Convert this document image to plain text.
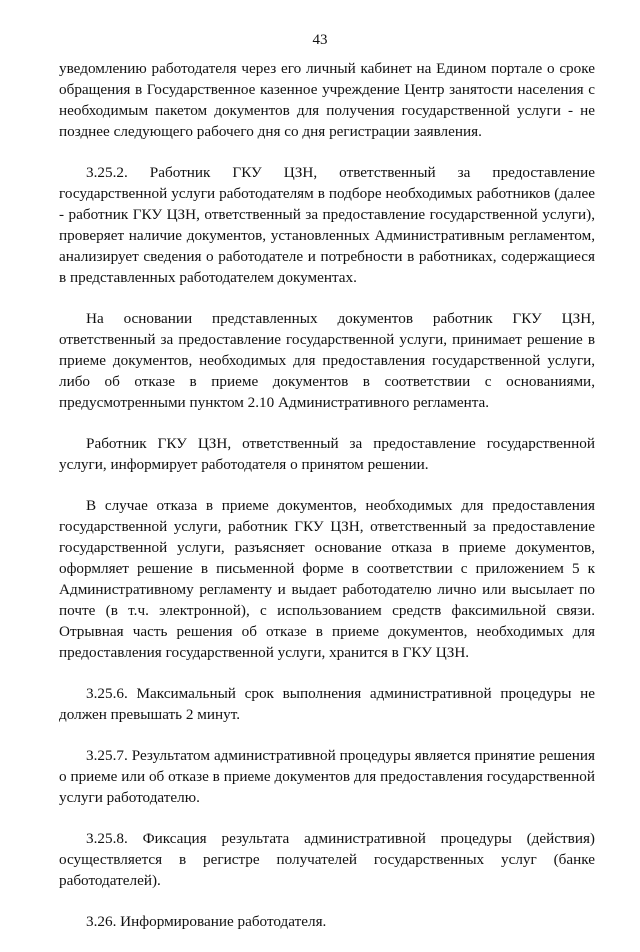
43

уведомлению работодателя через его личный кабинет на Едином портале о сроке обращения в Государственное казенное учреждение Центр занятости населения с необходимым пакетом документов для получения государственной услуги - не позднее следующего рабочего дня со дня регистрации заявления.

3.25.2. Работник ГКУ ЦЗН, ответственный за предоставление государственной услуги работодателям в подборе необходимых работников (далее - работник ГКУ ЦЗН, ответственный за предоставление государственной услуги), проверяет наличие документов, установленных Административным регламентом, анализирует сведения о работодателе и потребности в работниках, содержащиеся в представленных работодателем документах.

На основании представленных документов работник ГКУ ЦЗН, ответственный за предоставление государственной услуги, принимает решение в приеме документов, необходимых для предоставления государственной услуги, либо об отказе в приеме документов в соответствии с основаниями, предусмотренными пунктом 2.10 Административного регламента.

Работник ГКУ ЦЗН, ответственный за предоставление государственной услуги, информирует работодателя о принятом решении.

В случае отказа в приеме документов, необходимых для предоставления государственной услуги, работник ГКУ ЦЗН, ответственный за предоставление государственной услуги, разъясняет основание отказа в приеме документов, оформляет решение в письменной форме в соответствии с приложением 5 к Административному регламенту и выдает работодателю лично или высылает по почте (в т.ч. электронной), с использованием средств факсимильной связи. Отрывная часть решения об отказе в приеме документов, необходимых для предоставления государственной услуги, хранится в ГКУ ЦЗН.

3.25.6. Максимальный срок выполнения административной процедуры не должен превышать 2 минут.

3.25.7. Результатом административной процедуры является принятие решения о приеме или об отказе в приеме документов для предоставления государственной услуги работодателю.

3.25.8. Фиксация результата административной процедуры (действия) осуществляется в регистре получателей государственных услуг (банке работодателей).

3.26. Информирование работодателя.
